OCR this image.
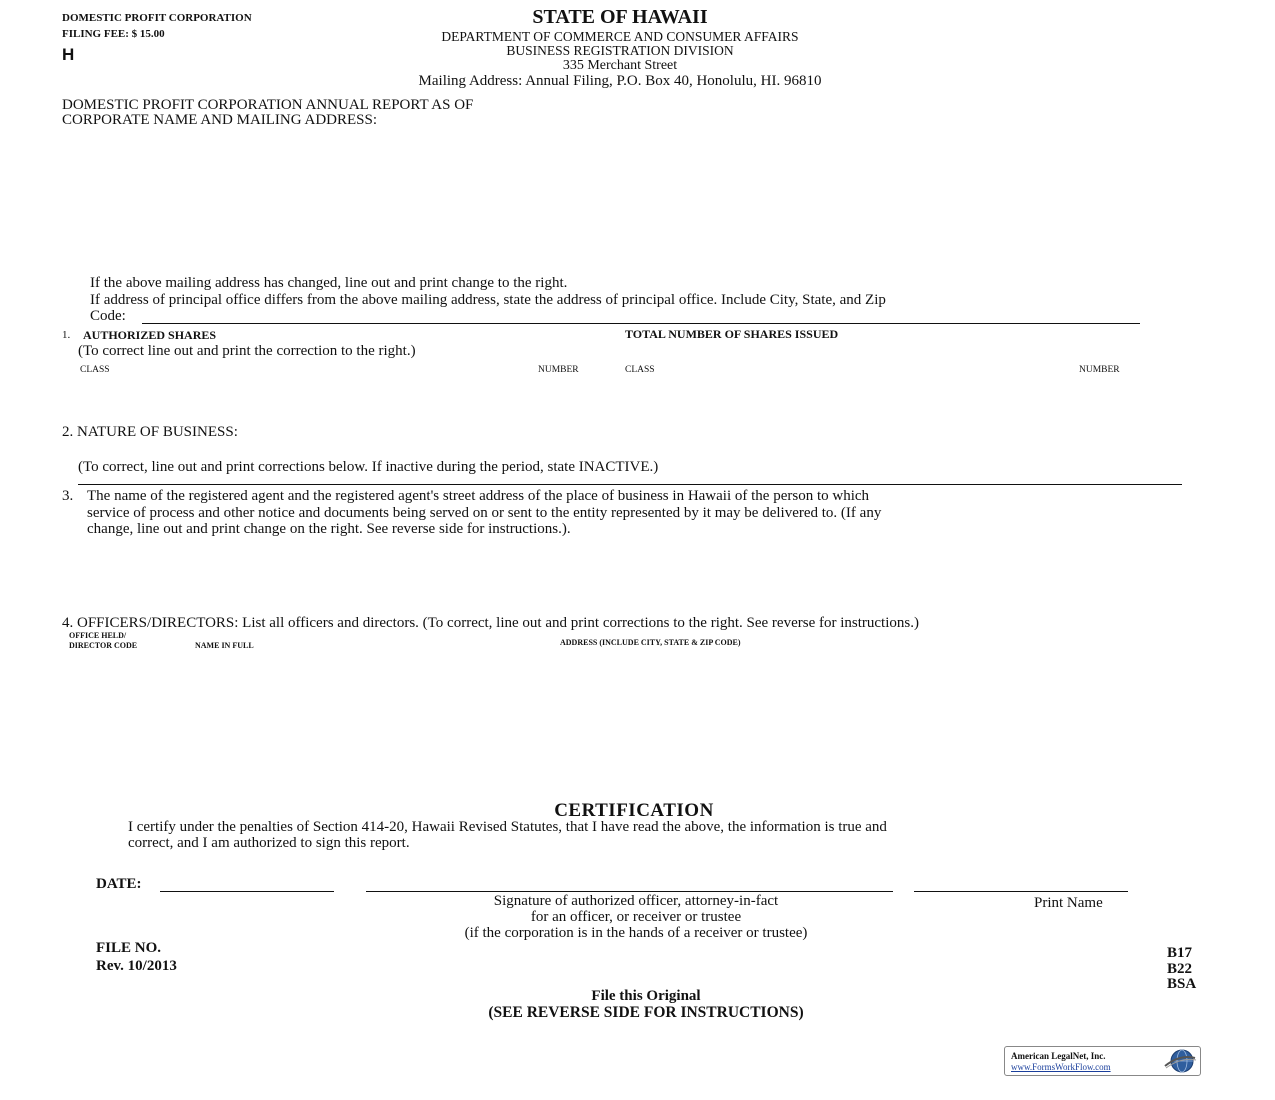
DOMESTIC PROFIT CORPORATION
FILING FEE: $ 15.00
H
STATE OF HAWAII
DEPARTMENT OF COMMERCE AND CONSUMER AFFAIRS
BUSINESS REGISTRATION DIVISION
335 Merchant Street
Mailing Address: Annual Filing, P.O. Box 40, Honolulu, HI. 96810
DOMESTIC PROFIT CORPORATION ANNUAL REPORT AS OF
CORPORATE NAME AND MAILING ADDRESS:
If the above mailing address has changed, line out and print change to the right.
If address of principal office differs from the above mailing address, state the address of principal office. Include City, State, and Zip
Code:
1. AUTHORIZED SHARES	TOTAL NUMBER OF SHARES ISSUED
(To correct line out and print the correction to the right.)
CLASS	NUMBER	CLASS	NUMBER
2. NATURE OF BUSINESS:
(To correct, line out and print corrections below. If inactive during the period, state INACTIVE.)
3. The name of the registered agent and the registered agent's street address of the place of business in Hawaii of the person to which
service of process and other notice and documents being served on or sent to the entity represented by it may be delivered to. (If any
change, line out and print change on the right. See reverse side for instructions.).
4. OFFICERS/DIRECTORS: List all officers and directors. (To correct, line out and print corrections to the right. See reverse for instructions.)
OFFICE HELD/
DIRECTOR CODE	NAME IN FULL	ADDRESS (INCLUDE CITY, STATE & ZIP CODE)
CERTIFICATION
I certify under the penalties of Section 414-20, Hawaii Revised Statutes, that I have read the above, the information is true and
correct, and I am authorized to sign this report.
DATE:
Signature of authorized officer, attorney-in-fact
for an officer, or receiver or trustee
(if the corporation is in the hands of a receiver or trustee)
Print Name
FILE NO.
Rev. 10/2013
B17
B22
BSA
File this Original
(SEE REVERSE SIDE FOR INSTRUCTIONS)
American LegalNet, Inc.
www.FormsWorkFlow.com
